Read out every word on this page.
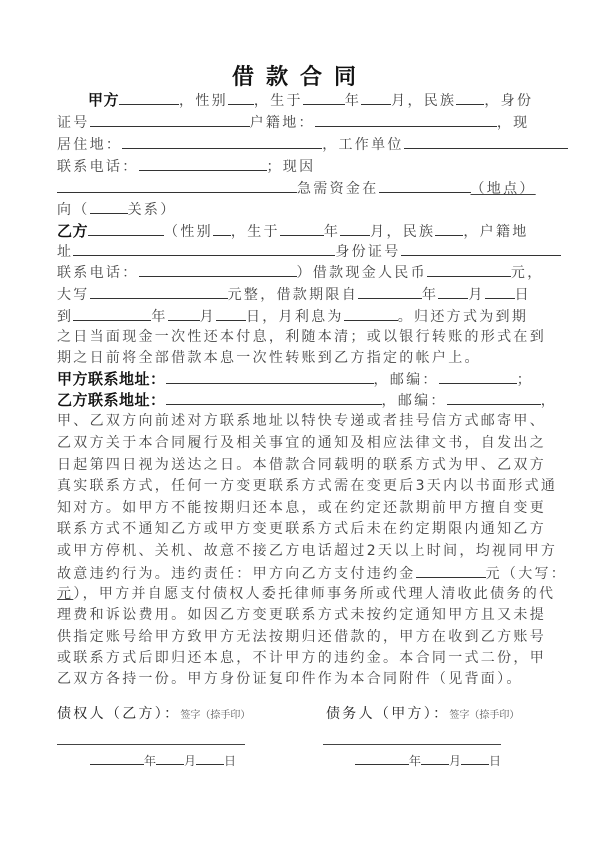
借款合同
甲方	，性别 ，生于	年 月，民族 ，身份
证号	户籍地：	，现
居住地：	，工作单位
联系电话：	；现因
急需资金在	（地点）
向（	关系）
乙方	（性别 ，生于	年 月，民族 ，户籍地
址	身份证号
联系电话：	）借款现金人民币	元，
大写	元整，借款期限自	年 月 日
到	年 月 日，月利息为	。归还方式为到期
之日当面现金一次性还本付息，利随本清；或以银行转账的形式在到
期之日前将全部借款本息一次性转账到乙方指定的帐户上。
甲方联系地址：	，邮编：	；
乙方联系地址：	，邮编：	，
甲、乙双方向前述对方联系地址以特快专递或者挂号信方式邮寄甲、
乙双方关于本合同履行及相关事宜的通知及相应法律文书，自发出之
日起第四日视为送达之日。本借款合同载明的联系方式为甲、乙双方
真实联系方式，任何一方变更联系方式需在变更后3天内以书面形式通
知对方。如甲方不能按期归还本息，或在约定还款期前甲方擅自变更
联系方式不通知乙方或甲方变更联系方式后未在约定期限内通知乙方
或甲方停机、关机、故意不接乙方电话超过2天以上时间，均视同甲方
故意违约行为。违约责任：甲方向乙方支付违约金	元（大写：
元），甲方并自愿支付债权人委托律师事务所或代理人清收此债务的代
理费和诉讼费用。如因乙方变更联系方式未按约定通知甲方且又未提
供指定账号给甲方致甲方无法按期归还借款的，甲方在收到乙方账号
或联系方式后即归还本息，不计甲方的违约金。本合同一式二份，甲
乙双方各持一份。甲方身份证复印件作为本合同附件（见背面）。
债权人（乙方）：签字（捺手印）	债务人（甲方）：签字（捺手印）
年 月 日	年 月 日
